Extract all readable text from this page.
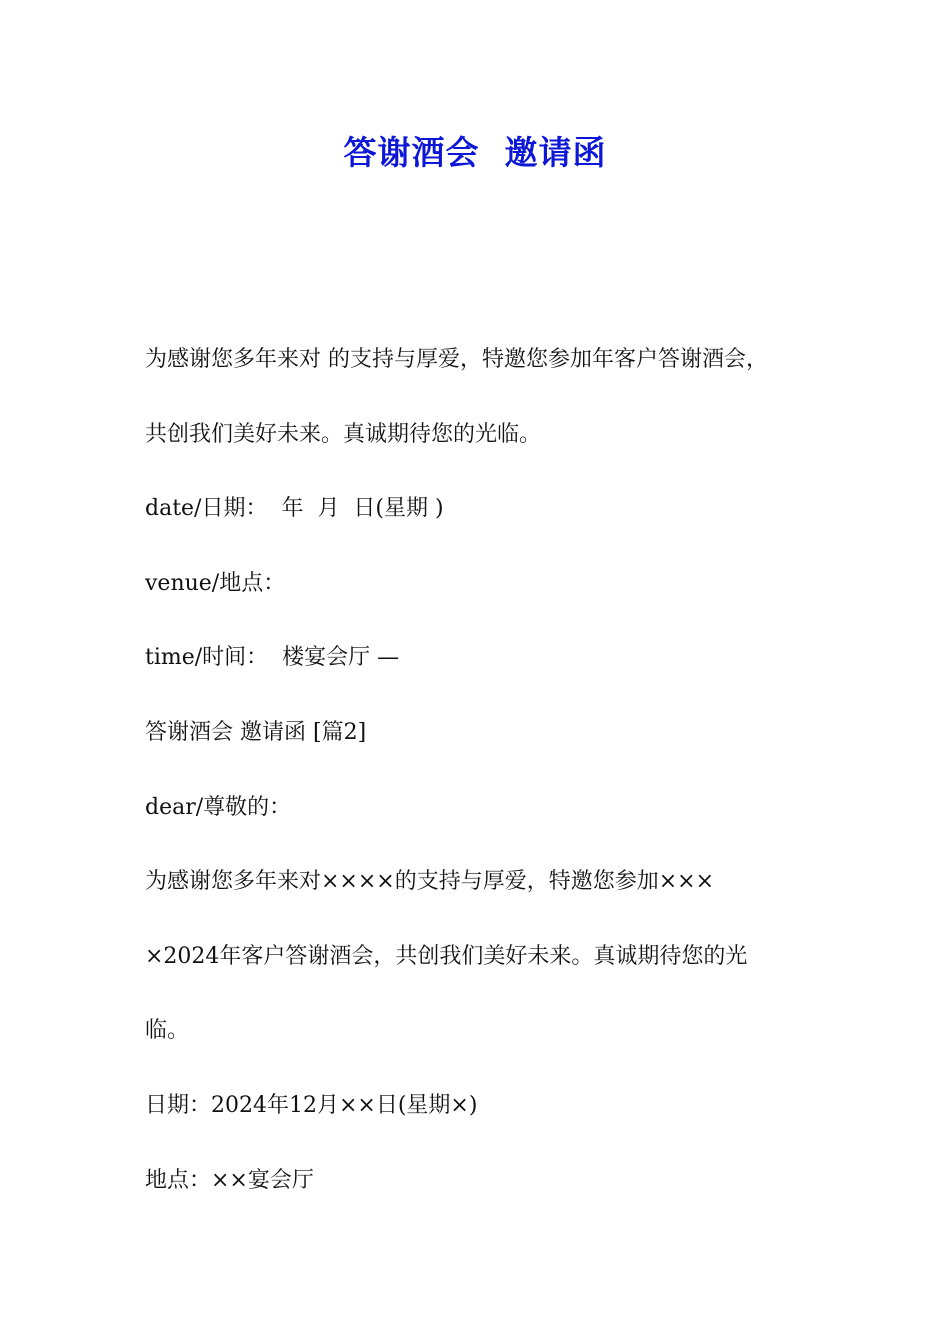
答谢酒会  邀请函
为感谢您多年来对 的支持与厚爱，特邀您参加年客户答谢酒会，
共创我们美好未来。真诚期待您的光临。
date/日期：  年  月  日(星期 )
venue/地点：
time/时间：  楼宴会厅 —
答谢酒会 邀请函 [篇2]
dear/尊敬的：
为感谢您多年来对××××的支持与厚爱，特邀您参加×××
×2024年客户答谢酒会，共创我们美好未来。真诚期待您的光
临。
日期：2024年12月××日(星期×)
地点：××宴会厅
